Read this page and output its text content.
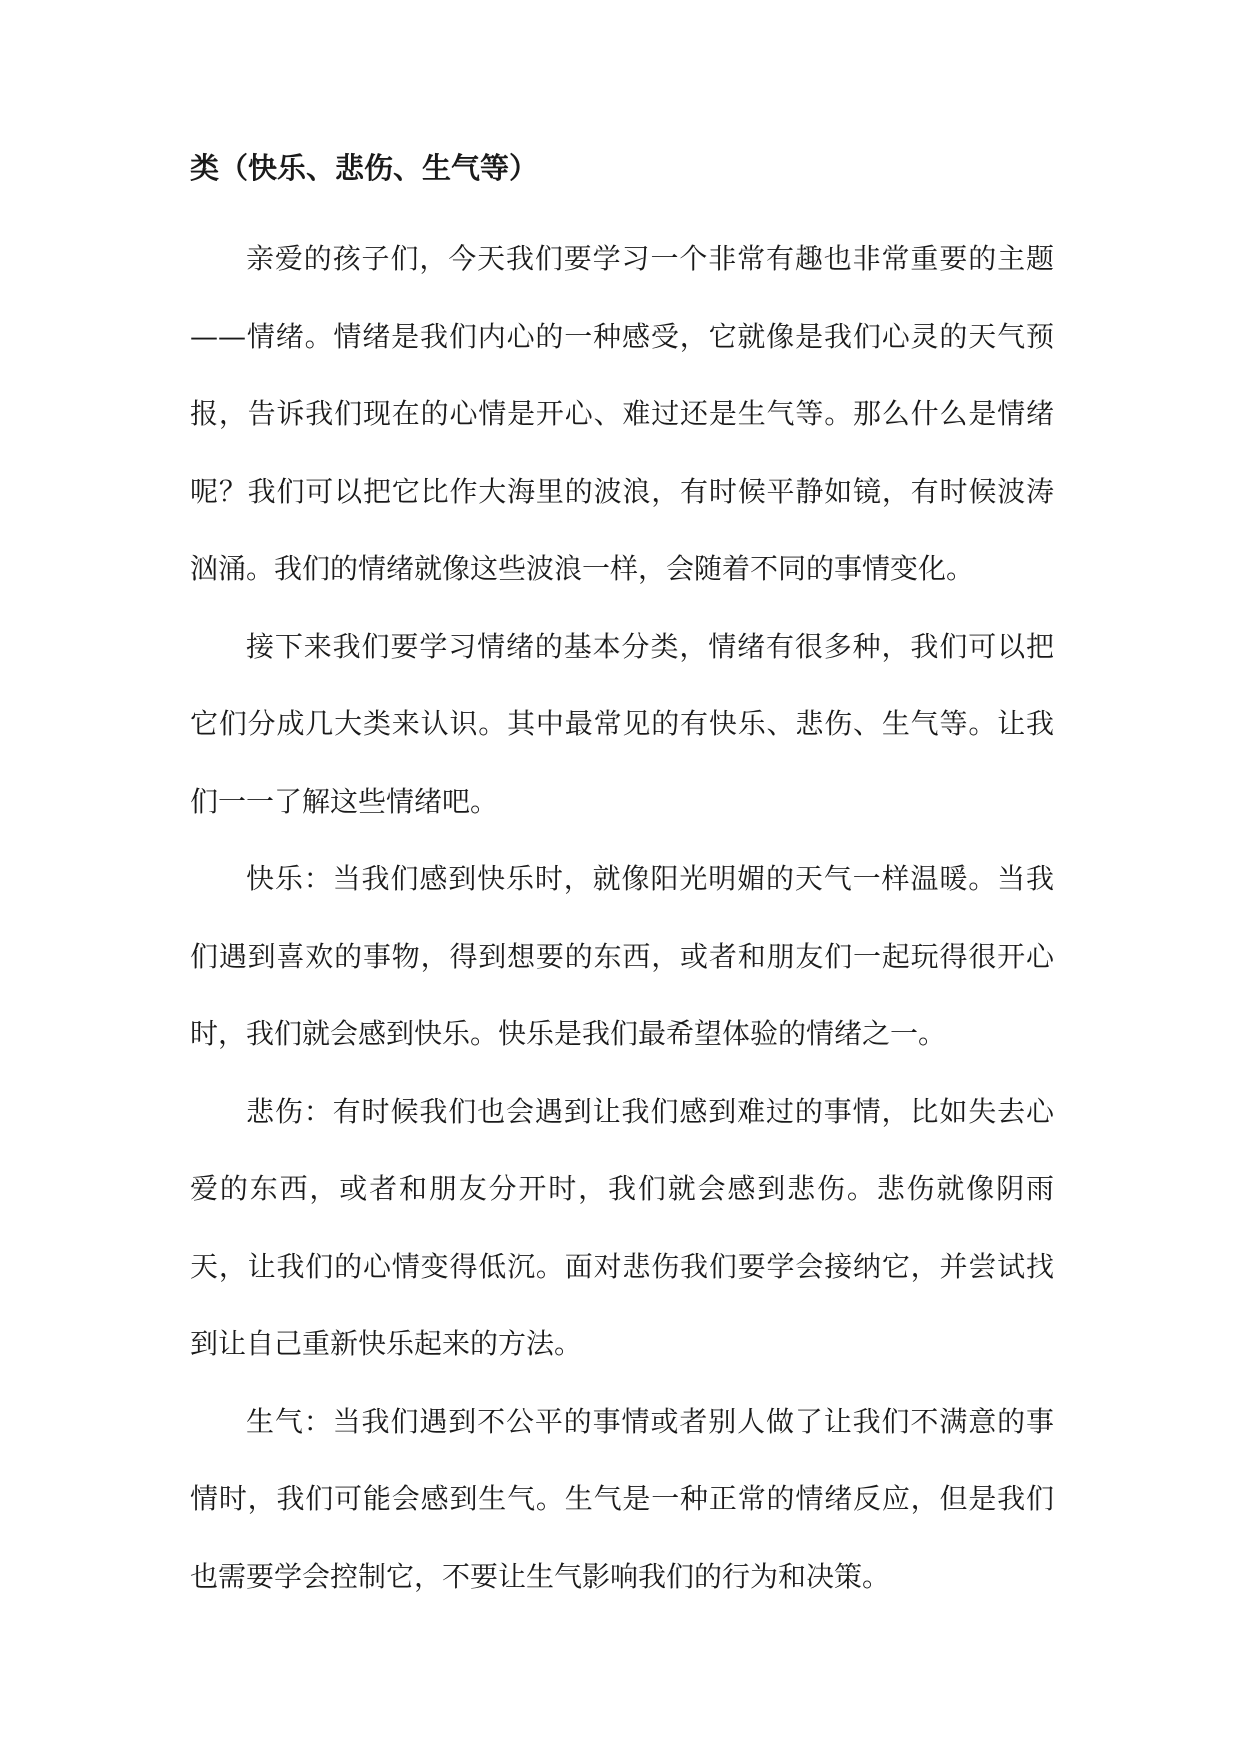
类（快乐、悲伤、生气等）

亲爱的孩子们，今天我们要学习一个非常有趣也非常重要的主题——情绪。情绪是我们内心的一种感受，它就像是我们心灵的天气预报，告诉我们现在的心情是开心、难过还是生气等。那么什么是情绪呢？我们可以把它比作大海里的波浪，有时候平静如镜，有时候波涛汹涌。我们的情绪就像这些波浪一样，会随着不同的事情变化。

接下来我们要学习情绪的基本分类，情绪有很多种，我们可以把它们分成几大类来认识。其中最常见的有快乐、悲伤、生气等。让我们一一了解这些情绪吧。

快乐：当我们感到快乐时，就像阳光明媚的天气一样温暖。当我们遇到喜欢的事物，得到想要的东西，或者和朋友们一起玩得很开心时，我们就会感到快乐。快乐是我们最希望体验的情绪之一。

悲伤：有时候我们也会遇到让我们感到难过的事情，比如失去心爱的东西，或者和朋友分开时，我们就会感到悲伤。悲伤就像阴雨天，让我们的心情变得低沉。面对悲伤我们要学会接纳它，并尝试找到让自己重新快乐起来的方法。

生气：当我们遇到不公平的事情或者别人做了让我们不满意的事情时，我们可能会感到生气。生气是一种正常的情绪反应，但是我们也需要学会控制它，不要让生气影响我们的行为和决策。
